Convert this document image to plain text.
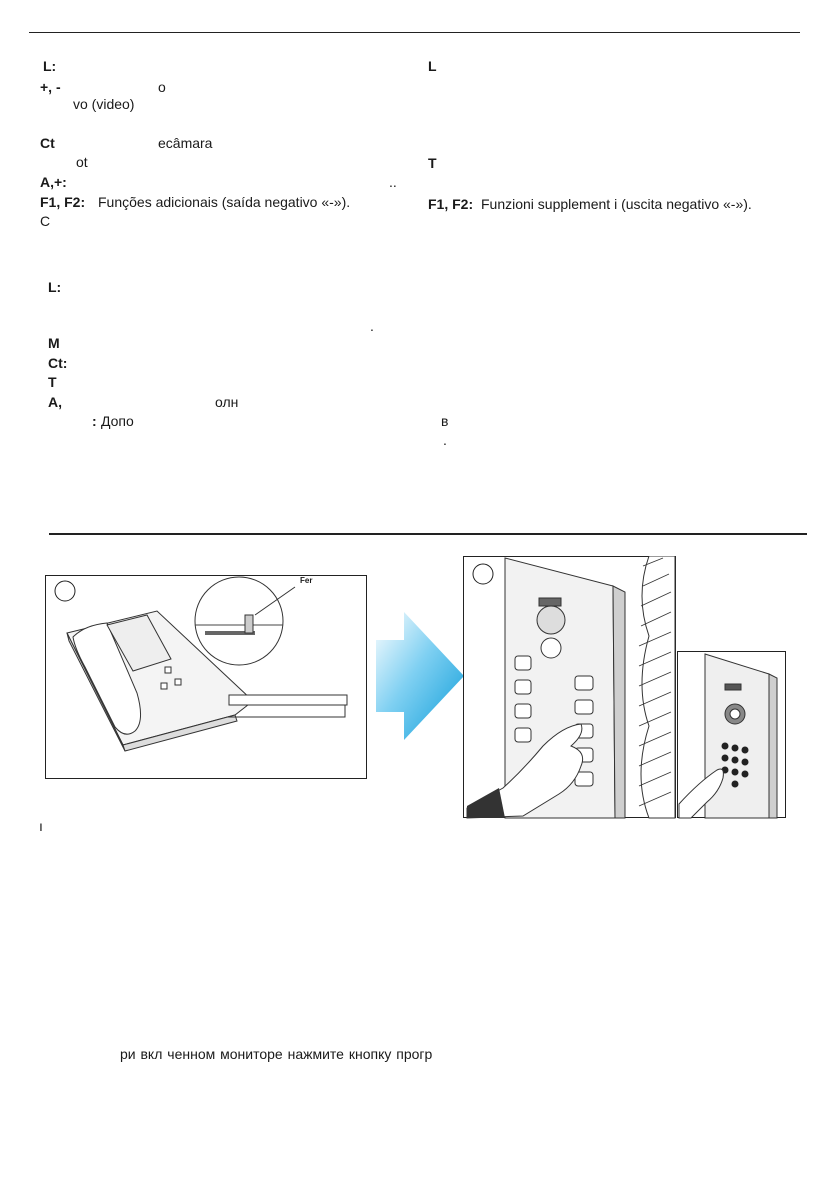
L:
+, -	o
vo (video)
Ct	ecâmara
ot
A,+:	..
F1, F2: Funções adicionais (saída negativo «-»).
C
L:
.
M
Ct:
T
A,	олн
: Допо
L
T
F1, F2: Funzioni supplement i (uscita negativo «-»).
в
.
Fer
ı
ри вкл ченном мониторе нажмите кнопку прогр
